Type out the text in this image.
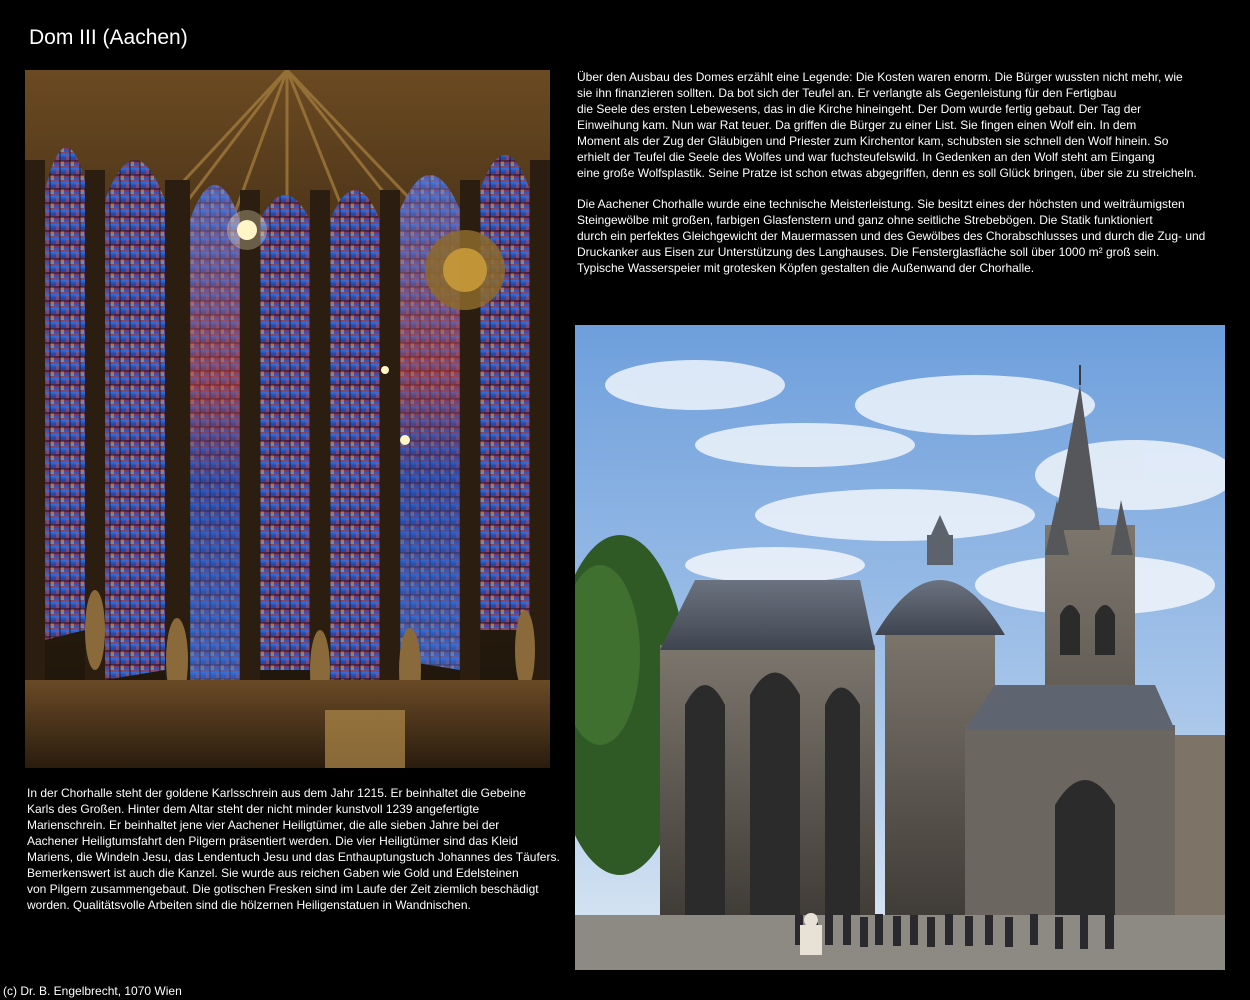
Dom III (Aachen)
Über den Ausbau des Domes erzählt eine Legende: Die Kosten waren enorm. Die Bürger wussten nicht mehr, wie
sie ihn finanzieren sollten. Da bot sich der Teufel an. Er verlangte als Gegenleistung für den Fertigbau
die Seele des ersten Lebewesens, das in die Kirche hineingeht. Der Dom wurde fertig gebaut. Der Tag der
Einweihung kam. Nun war Rat teuer. Da griffen die Bürger zu einer List. Sie fingen einen Wolf ein. In dem
Moment als der Zug der Gläubigen und Priester zum Kirchentor kam, schubsten sie schnell den Wolf hinein. So
erhielt der Teufel die Seele des Wolfes und war fuchsteufelswild. In Gedenken an den Wolf steht am Eingang
eine große Wolfsplastik. Seine Pratze ist schon etwas abgegriffen, denn es soll Glück bringen, über sie zu streicheln.
Die Aachener Chorhalle wurde eine technische Meisterleistung. Sie besitzt eines der höchsten und weiträumigsten
Steingewölbe mit großen, farbigen Glasfenstern und ganz ohne seitliche Strebebögen. Die Statik funktioniert
durch ein perfektes Gleichgewicht der Mauermassen und des Gewölbes des Chorabschlusses und durch die Zug- und
Druckanker aus Eisen zur Unterstützung des Langhauses. Die Fensterglasfläche soll über 1000 m² groß sein.
Typische Wasserspeier mit grotesken Köpfen gestalten die Außenwand der Chorhalle.
In der Chorhalle steht der goldene Karlsschrein aus dem Jahr 1215. Er beinhaltet die Gebeine
Karls des Großen. Hinter dem Altar steht der nicht minder kunstvoll 1239 angefertigte
Marienschrein. Er beinhaltet jene vier Aachener Heiligtümer, die alle sieben Jahre bei der
Aachener Heiligtumsfahrt den Pilgern präsentiert werden. Die vier Heiligtümer sind das Kleid
Mariens, die Windeln Jesu, das Lendentuch Jesu und das Enthauptungstuch Johannes des Täufers.
Bemerkenswert ist auch die Kanzel. Sie wurde aus reichen Gaben wie Gold und Edelsteinen
von Pilgern zusammengebaut. Die gotischen Fresken sind im Laufe der Zeit ziemlich beschädigt
worden. Qualitätsvolle Arbeiten sind die hölzernen Heiligenstatuen in Wandnischen.
(c) Dr. B. Engelbrecht, 1070 Wien
